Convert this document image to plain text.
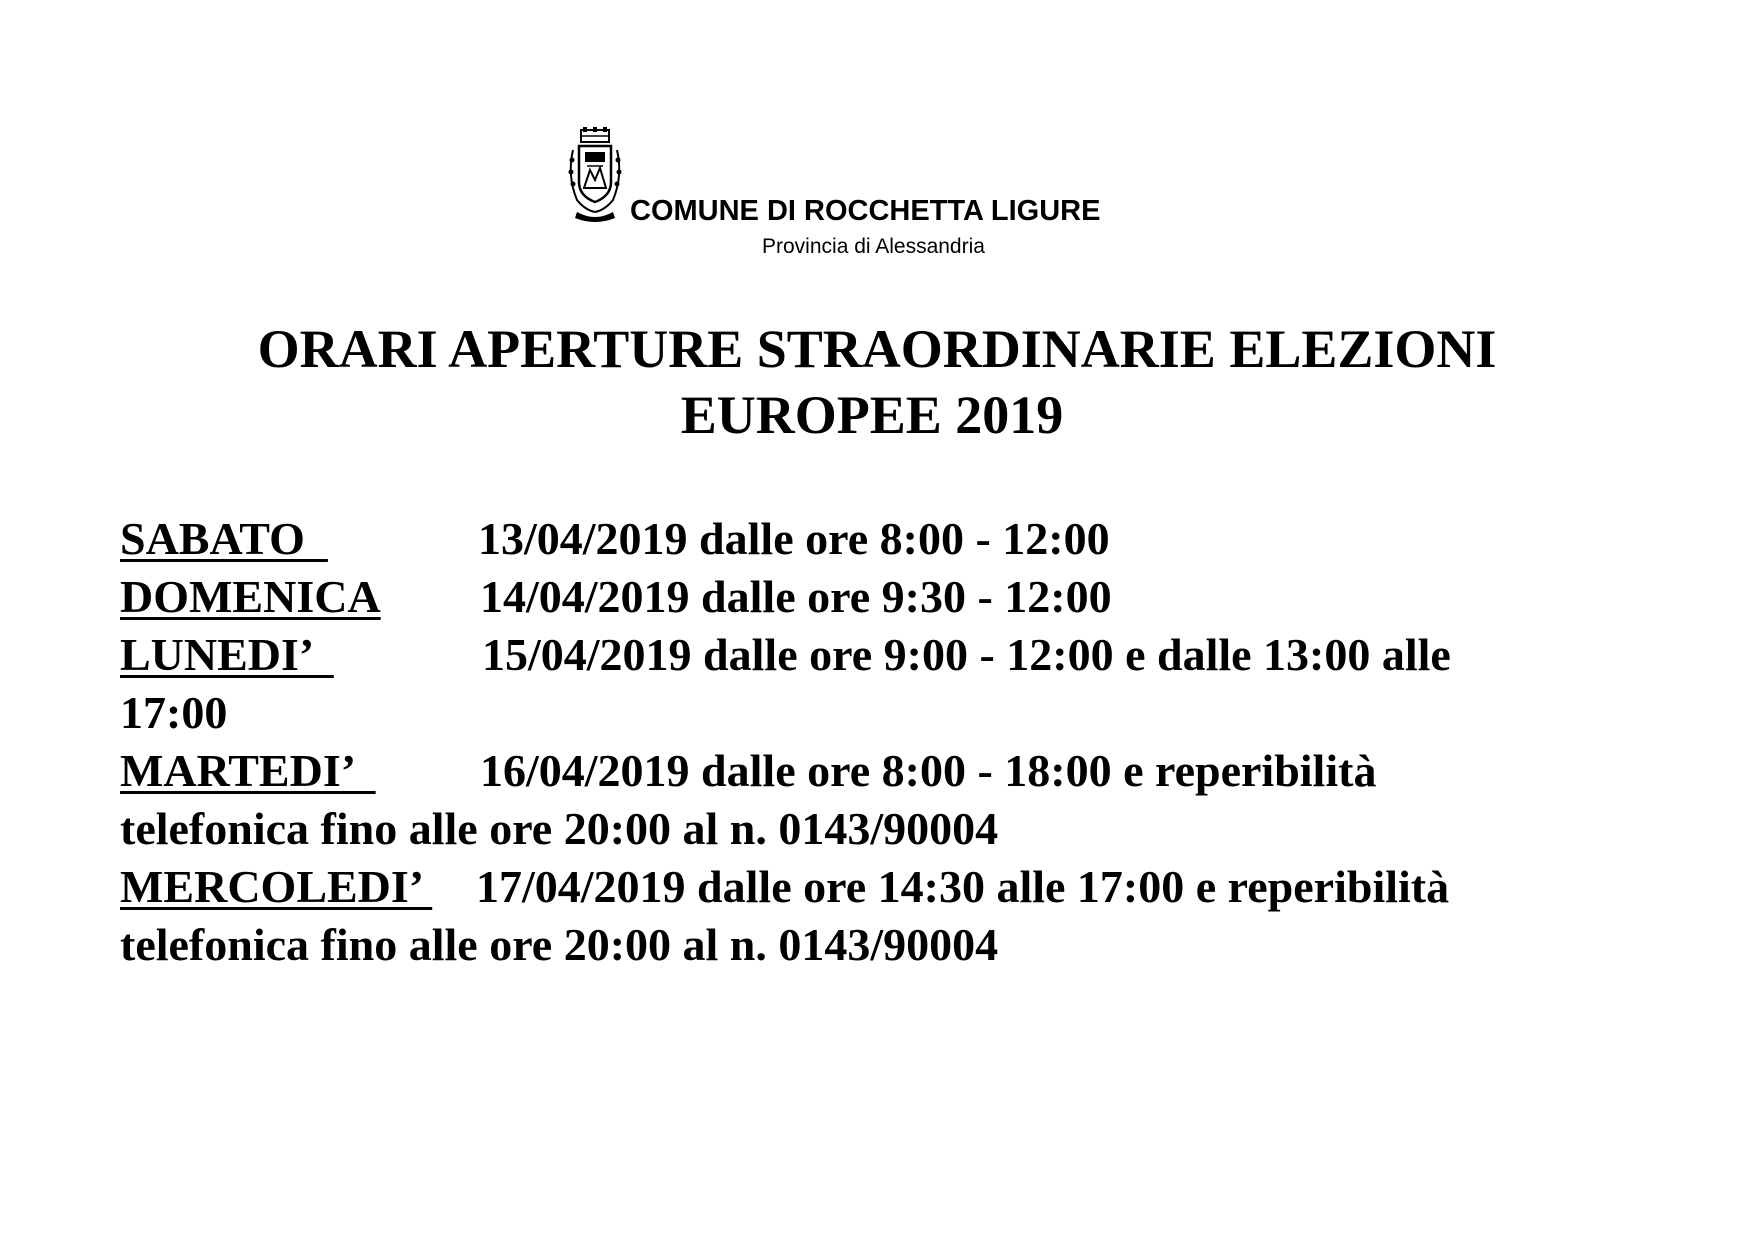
COMUNE DI ROCCHETTA LIGURE
Provincia di Alessandria
ORARI APERTURE STRAORDINARIE ELEZIONI
EUROPEE 2019
SABATO	13/04/2019 dalle ore 8:00 - 12:00
DOMENICA 14/04/2019 dalle ore 9:30 - 12:00
LUNEDI’	15/04/2019 dalle ore 9:00 - 12:00 e dalle 13:00 alle
17:00
MARTEDI’ 16/04/2019 dalle ore 8:00 - 18:00 e reperibilità
telefonica fino alle ore 20:00 al n. 0143/90004
MERCOLEDI’ 17/04/2019 dalle ore 14:30 alle 17:00 e reperibilità
telefonica fino alle ore 20:00 al n. 0143/90004
